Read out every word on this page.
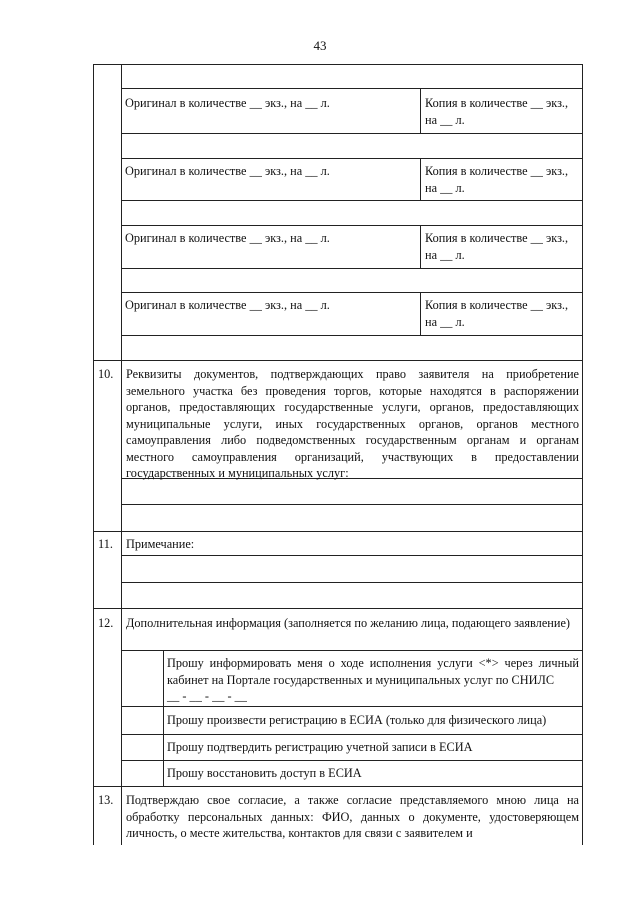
43
Оригинал в количестве __ экз., на __ л.	Копия в количестве __ экз.,
на __ л.
Оригинал в количестве __ экз., на __ л.	Копия в количестве __ экз.,
на __ л.
Оригинал в количестве __ экз., на __ л.	Копия в количестве __ экз.,
на __ л.
Оригинал в количестве __ экз., на __ л.	Копия в количестве __ экз.,
на __ л.
10. Реквизиты документов, подтверждающих право заявителя на приобретение земельного участка без проведения торгов, которые находятся в распоряжении органов, предоставляющих государственные услуги, органов, предоставляющих муниципальные услуги, иных государственных органов, органов местного самоуправления либо подведомственных государственным органам и органам местного самоуправления организаций, участвующих в предоставлении государственных и муниципальных услуг:
11. Примечание:
12. Дополнительная информация (заполняется по желанию лица, подающего заявление)
Прошу информировать меня о ходе исполнения услуги <*> через личный кабинет на Портале государственных и муниципальных услуг по СНИЛС
__ - __ - __ - __
Прошу произвести регистрацию в ЕСИА (только для физического лица)
Прошу подтвердить регистрацию учетной записи в ЕСИА
Прошу восстановить доступ в ЕСИА
13. Подтверждаю свое согласие, а также согласие представляемого мною лица на обработку персональных данных: ФИО, данных о документе, удостоверяющем личность, о месте жительства, контактов для связи с заявителем и
